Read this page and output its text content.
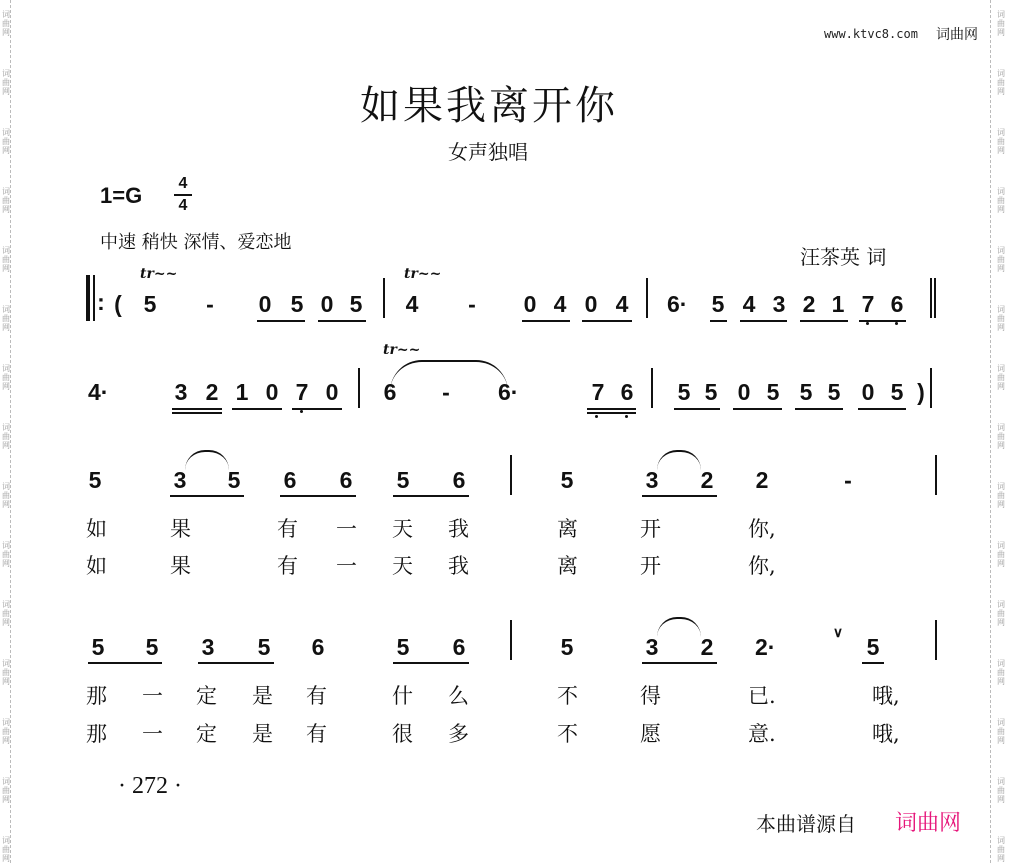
词
曲
网
词
曲
网
词
曲
网
词
曲
网
词
曲
网
词
曲
网
词
曲
网
词
曲
网
词
曲
网
词
曲
网
词
曲
网
词
曲
网
词
曲
网
词
曲
网
词
曲
网
词
曲
网
词
曲
网
词
曲
网
词
曲
网
词
曲
网
词
曲
网
词
曲
网
词
曲
网
词
曲
网
词
曲
网
词
曲
网
词
曲
网
词
曲
网
词
曲
网
词
曲
网
www.ktvc8.com 词曲网
如果我离开你
女声独唱
1=G 4
4
中速 稍快 深情、爱恋地
汪茶英 词
: ( 5 - 0 5 0 5 4 - 0 4 0 4 6· 5 4 3 2 1 7 6
tr~~	tr~~
4·	3 2 1 0 7 0 6 - 6·	7 6 5 5 0 5 5 5 0 5
tr~~
)
5	3 5 6 6 5 6	5	3 2 2	-
如	果	有 一 天 我	离	开	你,
如	果	有 一 天 我	离	开	你,
5 5 3 5 6	5 6	5	3 2 2·	5
∨
那 一 定 是 有	什 么	不	得	已.	哦,
那 一 定 是 有	很 多	不	愿	意.	哦,
· 272 ·
本曲谱源自 词曲网
